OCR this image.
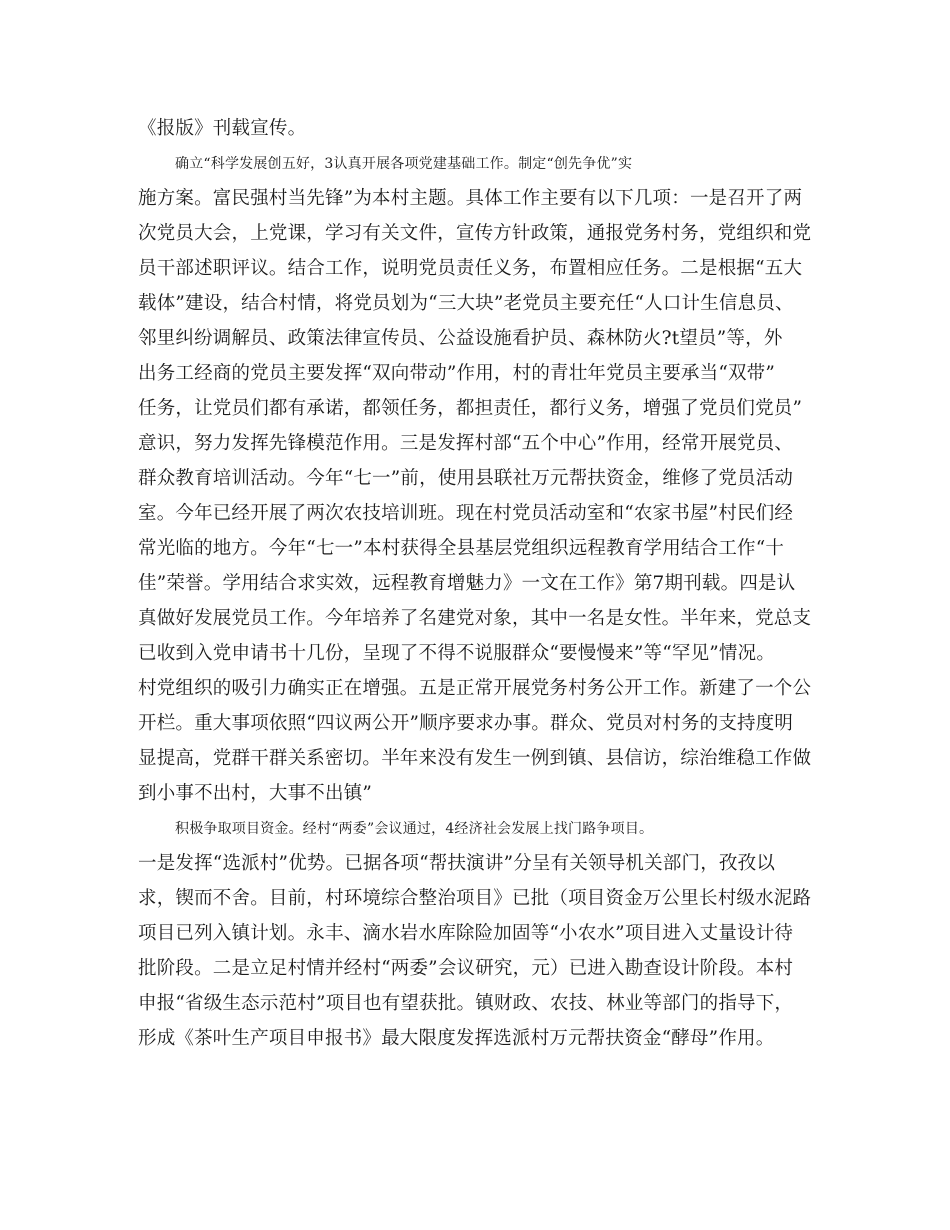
《报版》刊载宣传。

确立“科学发展创五好，3认真开展各项党建基础工作。制定“创先争优”实

施方案。富民强村当先锋”为本村主题。具体工作主要有以下几项：一是召开了两

次党员大会，上党课，学习有关文件，宣传方针政策，通报党务村务，党组织和党

员干部述职评议。结合工作，说明党员责任义务，布置相应任务。二是根据“五大

载体”建设，结合村情，将党员划为“三大块”老党员主要充任“人口计生信息员、

邻里纠纷调解员、政策法律宣传员、公益设施看护员、森林防火?t望员”等，外

出务工经商的党员主要发挥“双向带动”作用，村的青壮年党员主要承当“双带”

任务，让党员们都有承诺，都领任务，都担责任，都行义务，增强了党员们党员”

意识，努力发挥先锋模范作用。三是发挥村部“五个中心”作用，经常开展党员、

群众教育培训活动。今年“七一”前，使用县联社万元帮扶资金，维修了党员活动

室。今年已经开展了两次农技培训班。现在村党员活动室和“农家书屋”村民们经

常光临的地方。今年“七一”本村获得全县基层党组织远程教育学用结合工作“十

佳”荣誉。学用结合求实效，远程教育增魅力》一文在工作》第7期刊载。四是认

真做好发展党员工作。今年培养了名建党对象，其中一名是女性。半年来，党总支

已收到入党申请书十几份，呈现了不得不说服群众“要慢慢来”等“罕见”情况。

村党组织的吸引力确实正在增强。五是正常开展党务村务公开工作。新建了一个公

开栏。重大事项依照“四议两公开”顺序要求办事。群众、党员对村务的支持度明

显提高，党群干群关系密切。半年来没有发生一例到镇、县信访，综治维稳工作做

到小事不出村，大事不出镇”

积极争取项目资金。经村“两委”会议通过，4经济社会发展上找门路争项目。

一是发挥“选派村”优势。已据各项“帮扶演讲”分呈有关领导机关部门，孜孜以

求，锲而不舍。目前，村环境综合整治项目》已批（项目资金万公里长村级水泥路

项目已列入镇计划。永丰、滴水岩水库除险加固等“小农水”项目进入丈量设计待

批阶段。二是立足村情并经村“两委”会议研究，元）已进入勘查设计阶段。本村

申报“省级生态示范村”项目也有望获批。镇财政、农技、林业等部门的指导下，

形成《茶叶生产项目申报书》最大限度发挥选派村万元帮扶资金“酵母”作用。
